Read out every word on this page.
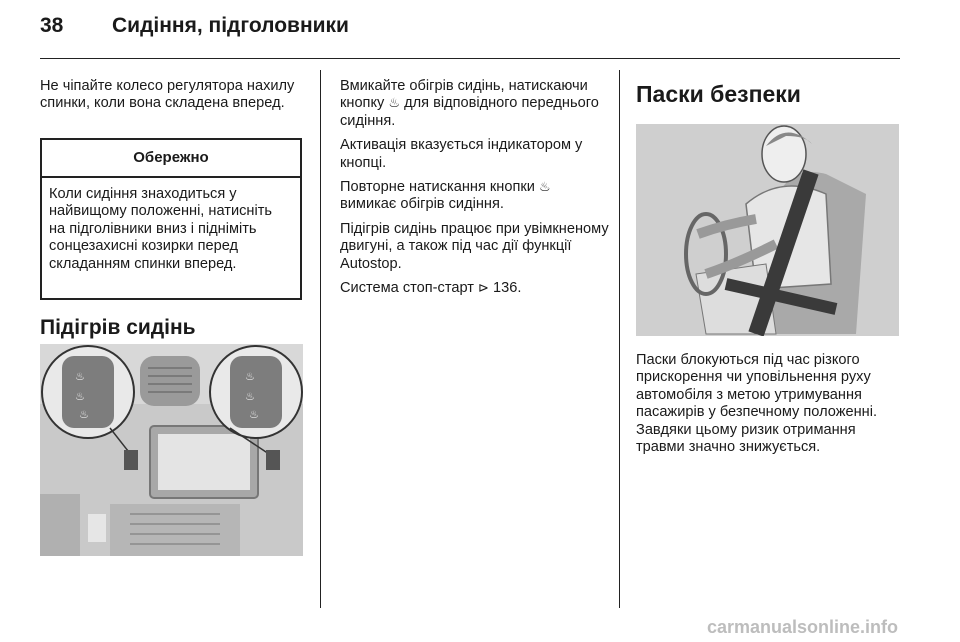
38 Сидіння, підголовники

Не чіпайте колесо регулятора нахилу спинки, коли вона складена вперед.

Обережно
Коли сидіння знаходиться у найвищому положенні, натисніть на підголівники вниз і підніміть сонцезахисні козирки перед складанням спинки вперед.
Підігрів сидінь
♨
♨
♨
♨
♨
♨

Вмикайте обігрів сидінь, натискаючи кнопку ♨ для відповідного переднього сидіння.

Активація вказується індикатором у кнопці.

Повторне натискання кнопки ♨ вимикає обігрів сидіння.

Підігрів сидінь працює при увімкненому двигуні, а також під час дії функції Autostop.

Система стоп-старт ⊳ 136.

Паски безпеки
Паски блокуються під час різкого прискорення чи уповільнення руху автомобіля з метою утримування пасажирів у безпечному положенні. Завдяки цьому ризик отримання травми значно знижується.
carmanualsonline.info
